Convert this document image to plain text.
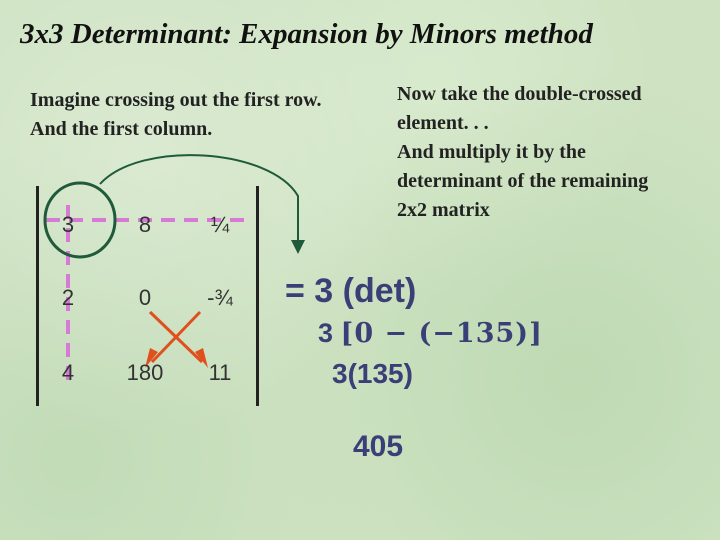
3x3 Determinant: Expansion by Minors method
Imagine crossing out the first row.
And the first column.
Now take the double-crossed
element. . .
And multiply it by the
determinant of the remaining
2x2 matrix
3	8	¼
2	0	-¾
4	180	11
= 3 (det)
3 [0 − (−135)]
3(135)
405
